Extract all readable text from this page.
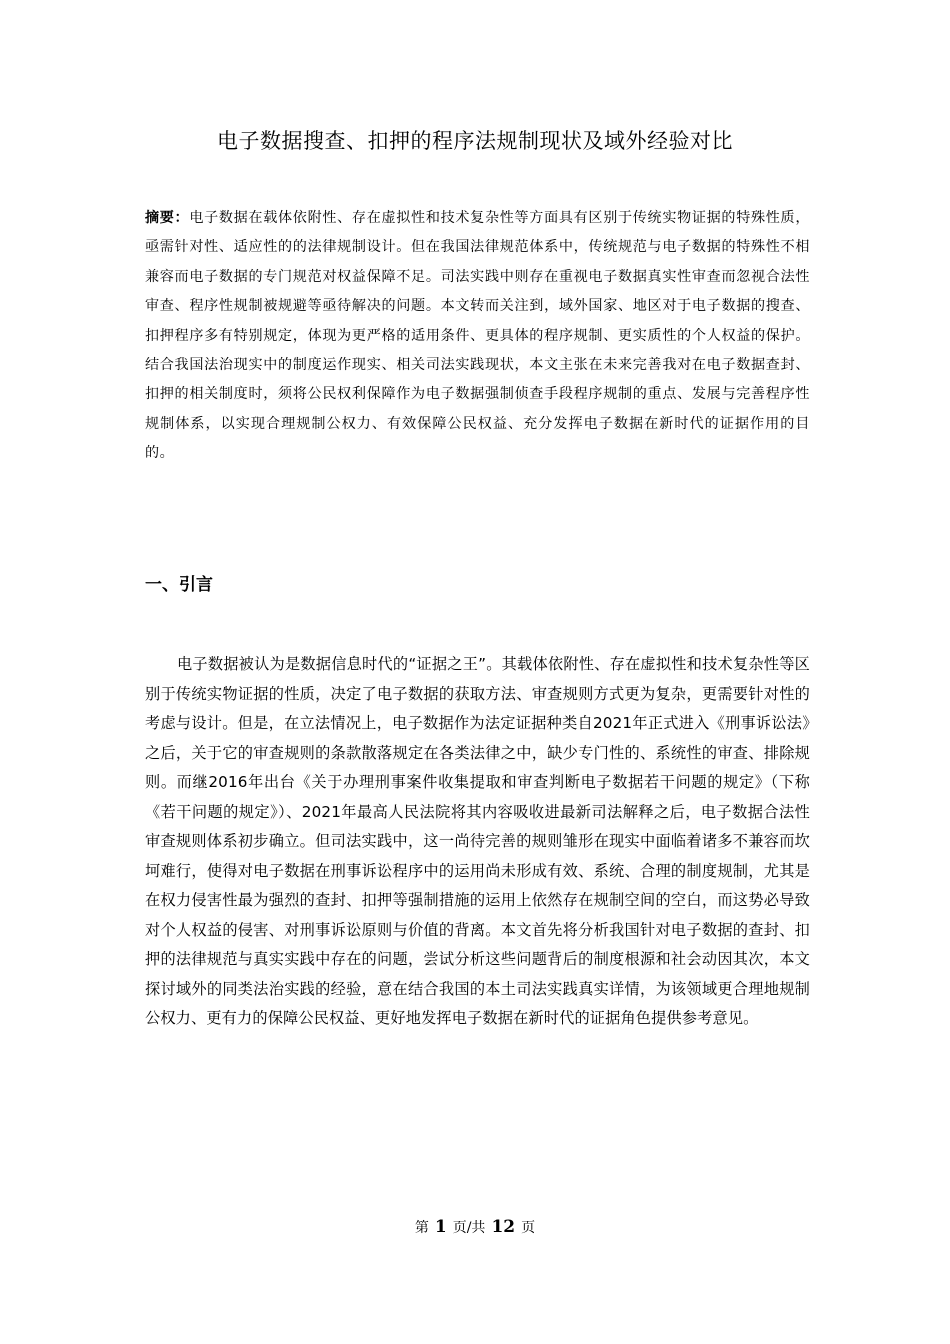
电子数据搜查、扣押的程序法规制现状及域外经验对比

摘要：电子数据在载体依附性、存在虚拟性和技术复杂性等方面具有区别于传统实物证据的特殊性质，亟需针对性、适应性的的法律规制设计。但在我国法律规范体系中，传统规范与电子数据的特殊性不相兼容而电子数据的专门规范对权益保障不足。司法实践中则存在重视电子数据真实性审查而忽视合法性审查、程序性规制被规避等亟待解决的问题。本文转而关注到，域外国家、地区对于电子数据的搜查、扣押程序多有特别规定，体现为更严格的适用条件、更具体的程序规制、更实质性的个人权益的保护。结合我国法治现实中的制度运作现实、相关司法实践现状，本文主张在未来完善我对在电子数据查封、扣押的相关制度时，须将公民权利保障作为电子数据强制侦查手段程序规制的重点、发展与完善程序性规制体系，以实现合理规制公权力、有效保障公民权益、充分发挥电子数据在新时代的证据作用的目的。

一、引言

电子数据被认为是数据信息时代的“证据之王”。其载体依附性、存在虚拟性和技术复杂性等区别于传统实物证据的性质，决定了电子数据的获取方法、审查规则方式更为复杂，更需要针对性的考虑与设计。但是，在立法情况上，电子数据作为法定证据种类自2021年正式进入《刑事诉讼法》之后，关于它的审查规则的条款散落规定在各类法律之中，缺少专门性的、系统性的审查、排除规则。而继2016年出台《关于办理刑事案件收集提取和审查判断电子数据若干问题的规定》（下称《若干问题的规定》）、2021年最高人民法院将其内容吸收进最新司法解释之后，电子数据合法性审查规则体系初步确立。但司法实践中，这一尚待完善的规则雏形在现实中面临着诸多不兼容而坎坷难行，使得对电子数据在刑事诉讼程序中的运用尚未形成有效、系统、合理的制度规制，尤其是在权力侵害性最为强烈的查封、扣押等强制措施的运用上依然存在规制空间的空白，而这势必导致对个人权益的侵害、对刑事诉讼原则与价值的背离。本文首先将分析我国针对电子数据的查封、扣押的法律规范与真实实践中存在的问题，尝试分析这些问题背后的制度根源和社会动因其次，本文探讨域外的同类法治实践的经验，意在结合我国的本土司法实践真实详情，为该领域更合理地规制公权力、更有力的保障公民权益、更好地发挥电子数据在新时代的证据角色提供参考意见。

第 1 页/共 12 页
